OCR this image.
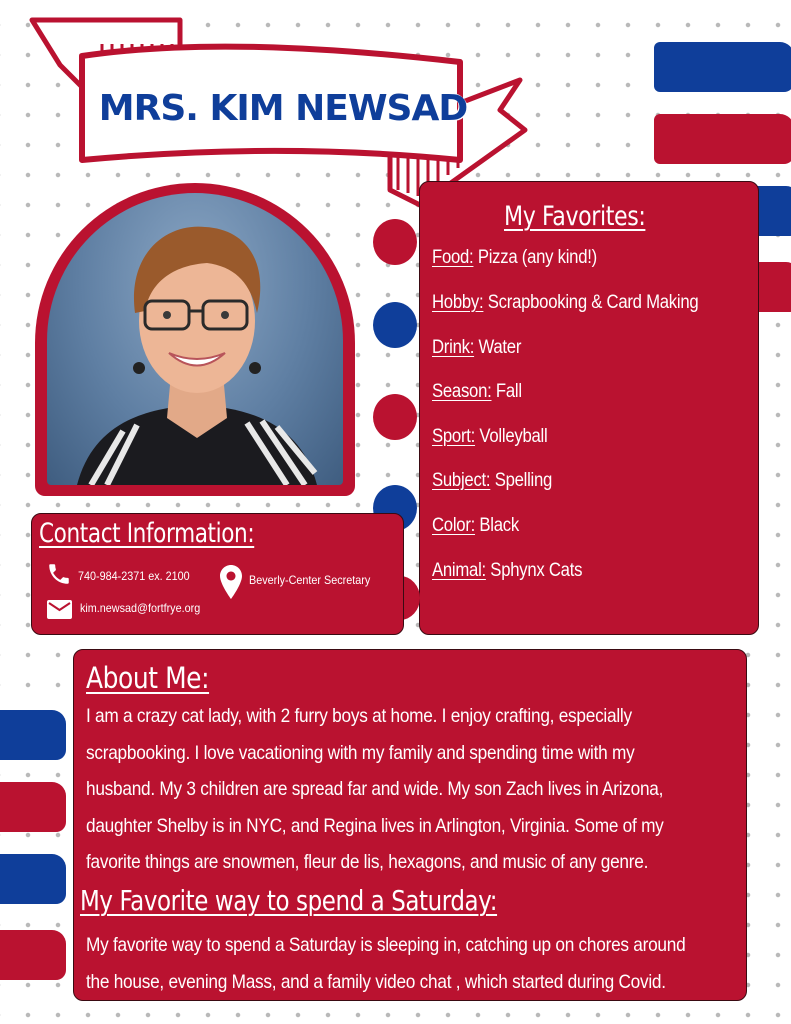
MRS. KIM NEWSAD
My Favorites:
Food: Pizza (any kind!)
Hobby: Scrapbooking & Card Making
Drink: Water
Season: Fall
Sport: Volleyball
Subject: Spelling
Color: Black
Animal: Sphynx Cats
Contact Information:
740-984-2371 ex. 2100	Beverly-Center Secretary
kim.newsad@fortfrye.org
About Me:
I am a crazy cat lady, with 2 furry boys at home. I enjoy crafting, especially
scrapbooking. I love vacationing with my family and spending time with my
husband. My 3 children are spread far and wide. My son Zach lives in Arizona,
daughter Shelby is in NYC, and Regina lives in Arlington, Virginia. Some of my
favorite things are snowmen, fleur de lis, hexagons, and music of any genre.
My Favorite way to spend a Saturday:
My favorite way to spend a Saturday is sleeping in, catching up on chores around
the house, evening Mass, and a family video chat , which started during Covid.
